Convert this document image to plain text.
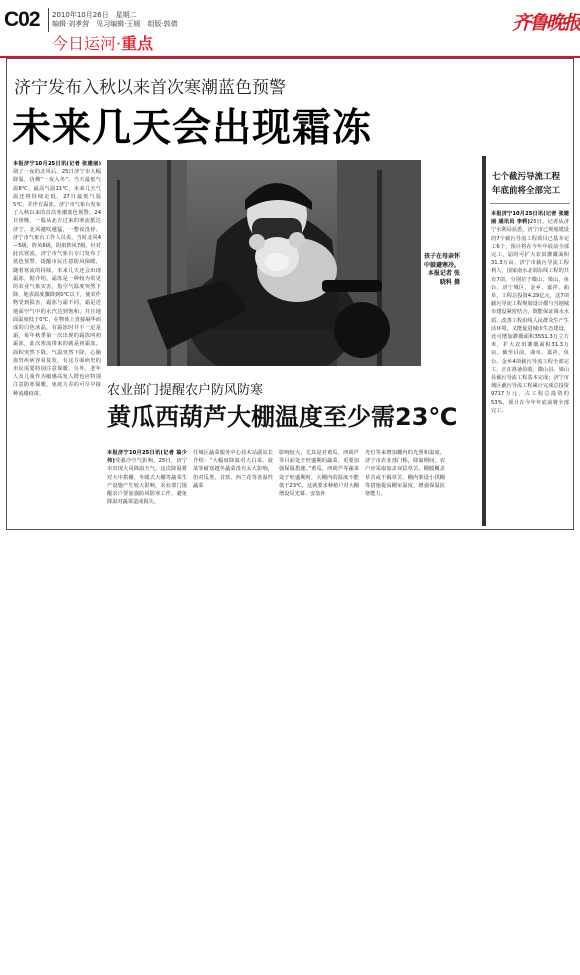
C02 2010年10月26日　星期二
编辑·刘孝营　见习编辑·王媛　组版·郭倩
今日运河·重点
齐鲁晚报
济宁发布入秋以来首次寒潮蓝色预警
未来几天会出现霜冻
本报济宁10月25日讯(记者 张建丽)刮了一夜的北风后，25日济宁市大幅降温，仿佛“一夜入冬”。当天最低气温8℃，最高气温11℃，未来几天气温还将持续走低，27日最低气温5℃，并伴有霜冻。济宁市气象台发布了入秋以来的首次寒潮蓝色预警。24日傍晚，一股从北方过来的寒流抵达济宁，北风越吹越猛，一整夜没停。济宁市气象台工作人员说，当时北风4—5级，阵风6级，阴雨阵风7级。针对此次寒流，济宁市气象台专门发布了蓝色预警，提醒市民注意防风保暖，随着寒流的持续，未来几天还会出现霜冻，据介绍，霜冻是一种较为常见的农业气象灾害，指空气温度突然下降，地表温度骤降到0℃以下，使农作物受到损害，霜冻与霜不同，霜是近地面空气中的水汽达到饱和，并且地面温度低于0℃，在物体上直接凝华而成的白色冰晶，有霜冻时并不一定是霜，每年秋季第一次出现的霜冻叫初霜冻，此次寒流带来的就是初霜冻。面积突然下降，气温突然下降，心脑血管疾病容易复发，有这方面病史的市民需要特别注意保暖，另外，老年人及儿童作为敏感高发人群也应特别注意防寒保暖，免疫力差的可尽早接种流感疫苗。
孩子在母亲怀中躲避寒冷。本报记者 张晓科 摄
农业部门提醒农户防风防寒
黄瓜西葫芦大棚温度至少需23℃
本报济宁10月25日讯(记者 翁少伟)受强冷空气影响，25日，济宁市出现大风降温天气，这次降温将对大中拱棚、冬暖式大棚等蔬菜生产设施产生较大影响，农业部门提醒农户要加强防风防寒工作，避免降温对蔬菜造成损失。
任城区蔬菜服务中心技术站副站长介绍：“大幅度降温对大白菜、菠菜等耐寒越冬蔬菜没有太大影响，但对瓜类、甘蓝、西兰花等喜温性蔬菜
影响较大，尤其是对黄瓜、西葫芦等目前处于旺盛期的蔬菜，更要加强保温措施。”黄瓜、西葫芦等蔬菜处于旺盛期时，大棚内的温度不能低于23℃，这就要求种植户对大棚增设反光幕、安装补
光灯等来增加棚内的光照和温度。济宁市农业部门称，降温期间，农户应采取加盖双层草苫、棚膜覆盖草苫或不揭草苫，棚内架设小拱棚等措施提高棚室温度，增强保温抗寒能力。
七个截污导流工程
年底前将全部完工
本报济宁10月25日讯(记者 张建丽 通讯员 李莉)25日，记者从济宁水利局获悉，济宁市已规划建设的7个截污导流工程项目已基本完工6个，预计将在今年年底前全部完工，届时可扩大农田灌溉面积31.3万亩。济宁市截污导流工程利人，国家南水北调东线工程的共有7项，分别位于微山、梁山、鱼台、济宁城区、金乡、嘉祥、曲阜，工程总投资4.29亿元，这7项截污导流工程规划设计都与当地城市建设紧密结合，既能保证调水水质，改善工程沿线人民群众生产生活环境，又能促进城市生态建设，还可增加灌溉面积3551.3万立方米，扩大农田灌溉面积31.3万亩。截至目前，曲阜、嘉祥、鱼台、金乡4项截污导流工程全部完工，正在准备验收，微山县、梁山县截污导流工程基本完成；济宁市城区截污导流工程累计完成总投资9717万元，占工程总投资的53%，预计在今年年底前将全部完工。
